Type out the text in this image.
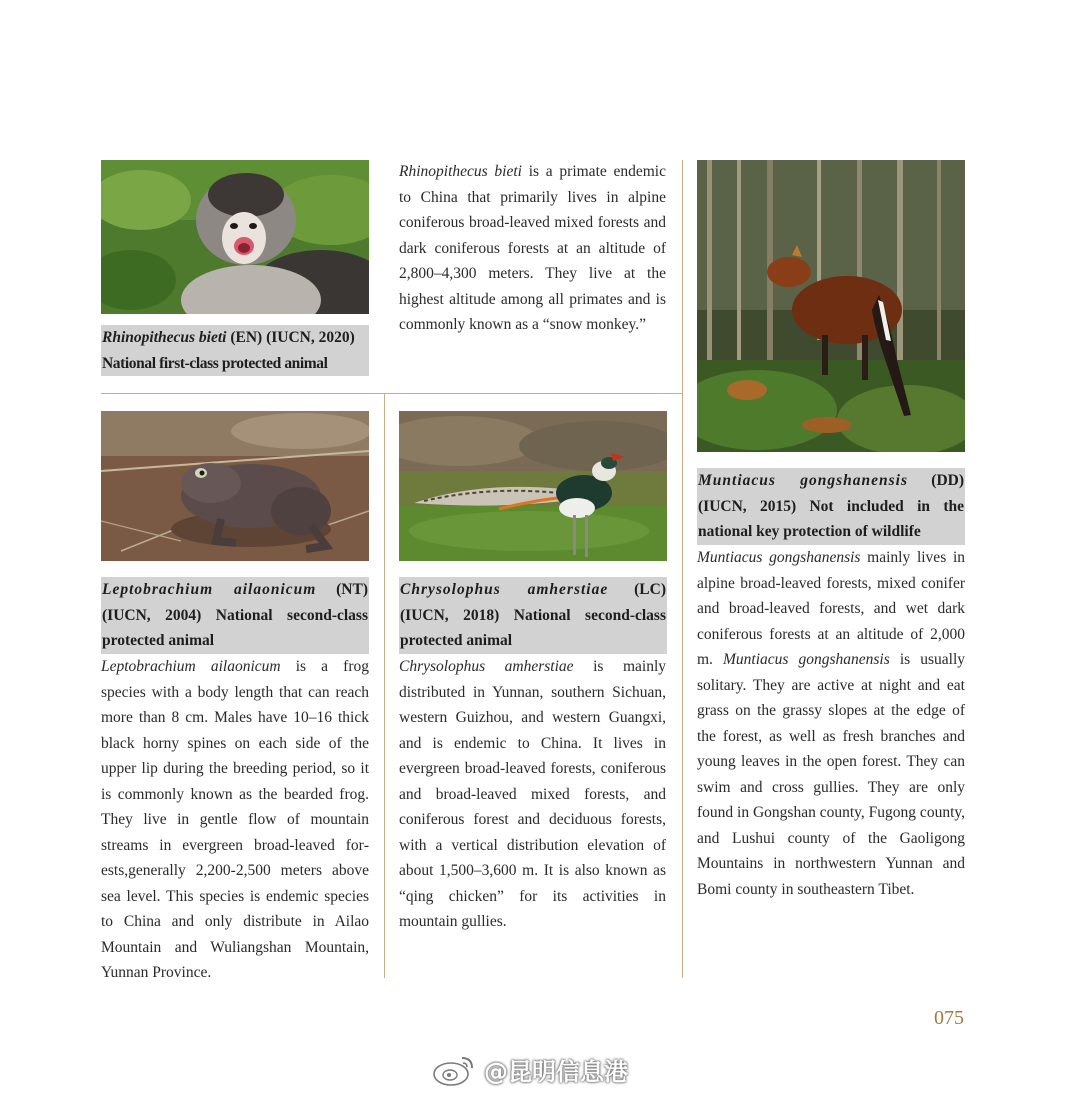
Rhinopithecus bieti (EN) (IUCN, 2020)
National first-class protected animal
Rhinopithecus bieti is a primate endemic to China that primarily lives in alpine coniferous broad-leaved mixed forests and dark coniferous forests at an altitude of 2,800–4,300 meters. They live at the highest altitude among all primates and is commonly known as a “snow monkey.”
Muntiacus gongshanensis (DD) (IUCN, 2015) Not included in the national key protection of wildlife
Muntiacus gongshanensis mainly lives in alpine broad-leaved forests, mixed conifer and broad-leaved forests, and wet dark coniferous forests at an altitude of 2,000 m. Muntiacus gongshanensis is usually solitary. They are active at night and eat grass on the grassy slopes at the edge of the forest, as well as fresh branches and young leaves in the open forest. They can swim and cross gullies. They are only found in Gongshan county, Fugong county, and Lushui county of the Gaoligong Mountains in northwestern Yunnan and Bomi county in southeastern Tibet.
Leptobrachium ailaonicum (NT) (IUCN, 2004) National second-class protected animal
Leptobrachium ailaonicum is a frog species with a body length that can reach more than 8 cm. Males have 10–16 thick black horny spines on each side of the upper lip during the breeding period, so it is commonly known as the bearded frog. They live in gentle flow of mountain streams in evergreen broad-leaved forests,generally 2,200-2,500 meters above sea level. This species is endemic species to China and only distribute in Ailao Mountain and Wuliangshan Mountain, Yunnan Province.
Chrysolophus amherstiae (LC) (IUCN, 2018) National second-class protected animal
Chrysolophus amherstiae is mainly distributed in Yunnan, southern Sichuan, western Guizhou, and western Guangxi, and is endemic to China. It lives in evergreen broad-leaved forests, coniferous and broad-leaved mixed forests, and coniferous forest and deciduous forests, with a vertical distribution elevation of about 1,500–3,600 m. It is also known as “qing chicken” for its activities in mountain gullies.
075
@昆明信息港
